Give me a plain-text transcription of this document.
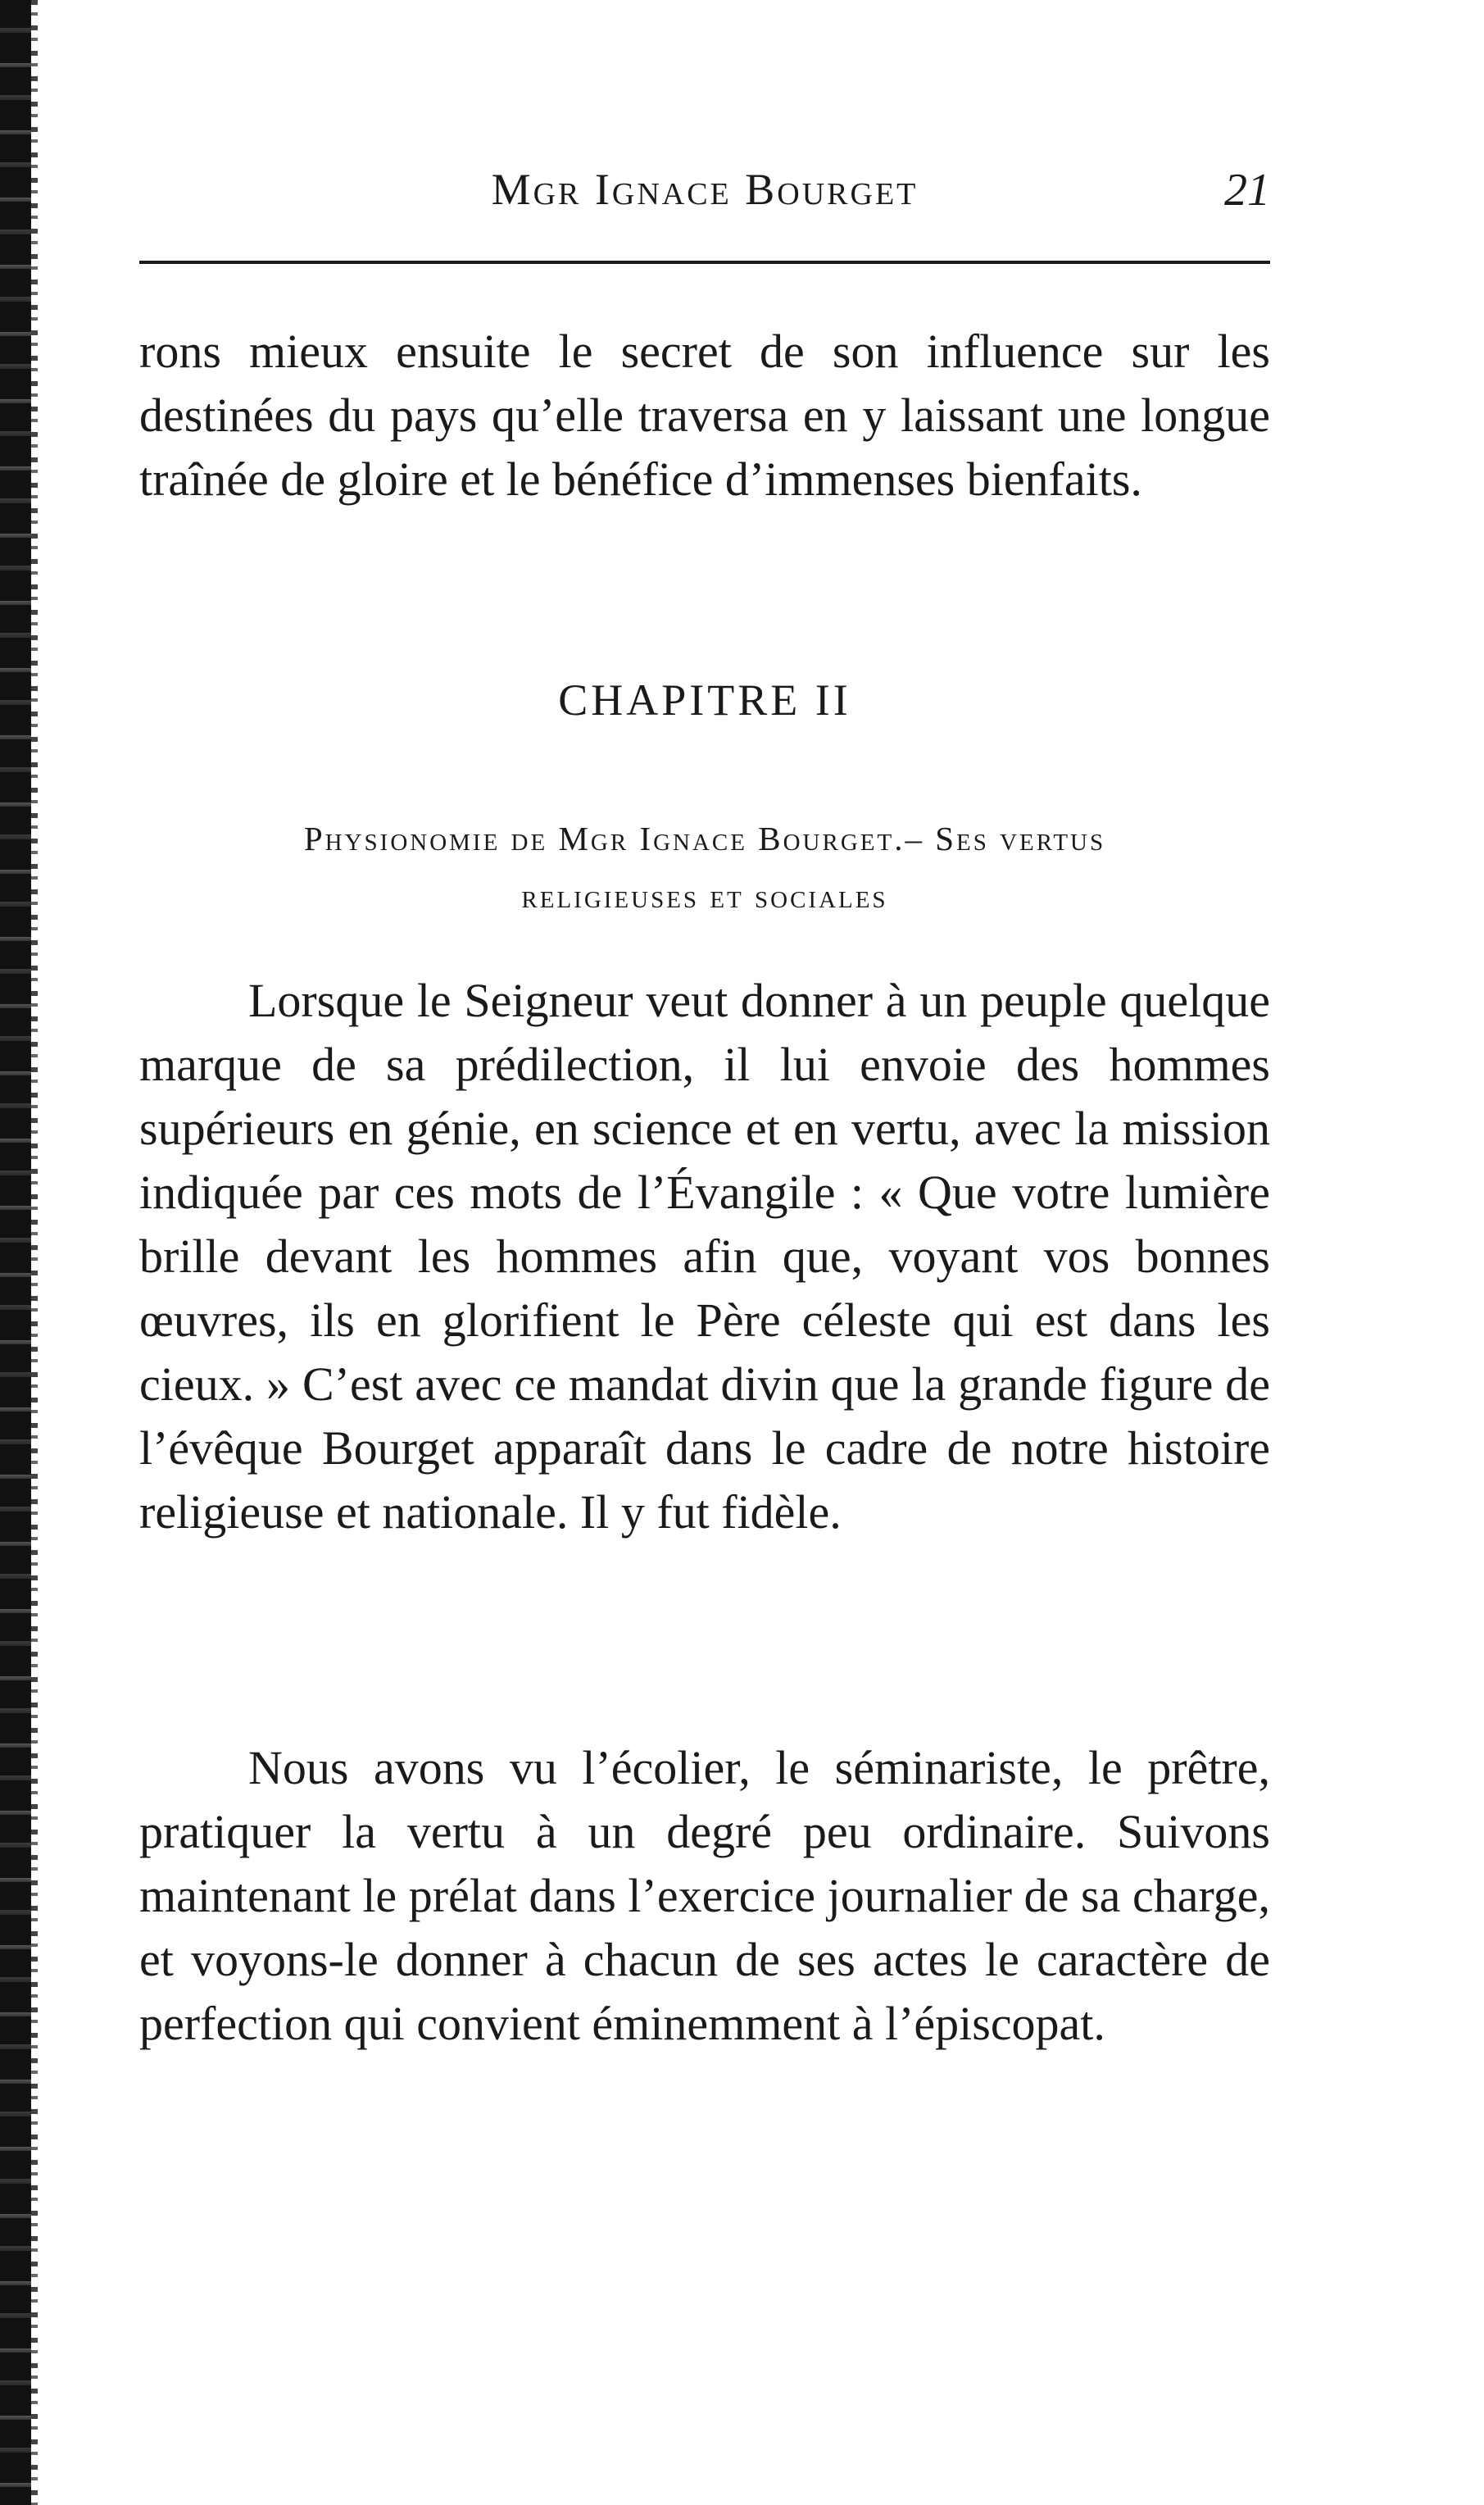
Mgr Ignace Bourget	21

rons mieux ensuite le secret de son influence sur les destinées du pays qu’elle traversa en y laissant une longue traînée de gloire et le bénéfice d’immenses bienfaits.

CHAPITRE II
Physionomie de Mgr Ignace Bourget.– Ses vertus
religieuses et sociales

Lorsque le Seigneur veut donner à un peuple quelque marque de sa prédilection, il lui envoie des hommes supérieurs en génie, en science et en vertu, avec la mission indiquée par ces mots de l’Évangile : « Que votre lumière brille devant les hommes afin que, voyant vos bonnes œuvres, ils en glorifient le Père céleste qui est dans les cieux. » C’est avec ce mandat divin que la grande figure de l’évêque Bourget apparaît dans le cadre de notre histoire religieuse et nationale. Il y fut fidèle.

Nous avons vu l’écolier, le séminariste, le prêtre, pratiquer la vertu à un degré peu ordinaire. Suivons maintenant le prélat dans l’exercice journalier de sa charge, et voyons-le donner à chacun de ses actes le caractère de perfection qui convient éminemment à l’épiscopat.
